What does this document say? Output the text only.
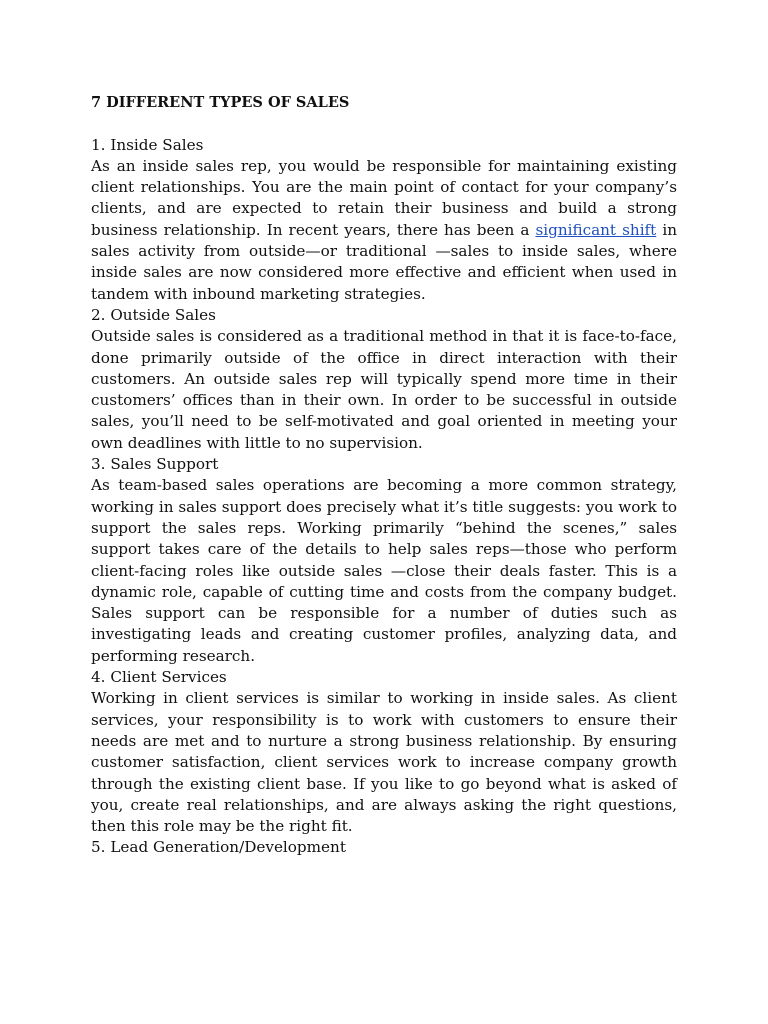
7 DIFFERENT TYPES OF SALES
1. Inside Sales

As an inside sales rep, you would be responsible for maintaining existing client relationships. You are the main point of contact for your company’s clients, and are expected to retain their business and build a strong business relationship. In recent years, there has been a significant shift in sales activity from outside—or traditional —sales to inside sales, where inside sales are now considered more effective and efficient when used in tandem with inbound marketing strategies.

2. Outside Sales

Outside sales is considered as a traditional method in that it is face-to-face, done primarily outside of the office in direct interaction with their customers. An outside sales rep will typically spend more time in their customers’ offices than in their own. In order to be successful in outside sales, you’ll need to be self-motivated and goal oriented in meeting your own deadlines with little to no supervision.

3. Sales Support

As team-based sales operations are becoming a more common strategy, working in sales support does precisely what it’s title suggests: you work to support the sales reps. Working primarily “behind the scenes,” sales support takes care of the details to help sales reps—those who perform client-facing roles like outside sales —close their deals faster. This is a dynamic role, capable of cutting time and costs from the company budget. Sales support can be responsible for a number of duties such as investigating leads and creating customer profiles, analyzing data, and performing research.

4. Client Services

Working in client services is similar to working in inside sales. As client services, your responsibility is to work with customers to ensure their needs are met and to nurture a strong business relationship. By ensuring customer satisfaction, client services work to increase company growth through the existing client base. If you like to go beyond what is asked of you, create real relationships, and are always asking the right questions, then this role may be the right fit.

5. Lead Generation/Development
